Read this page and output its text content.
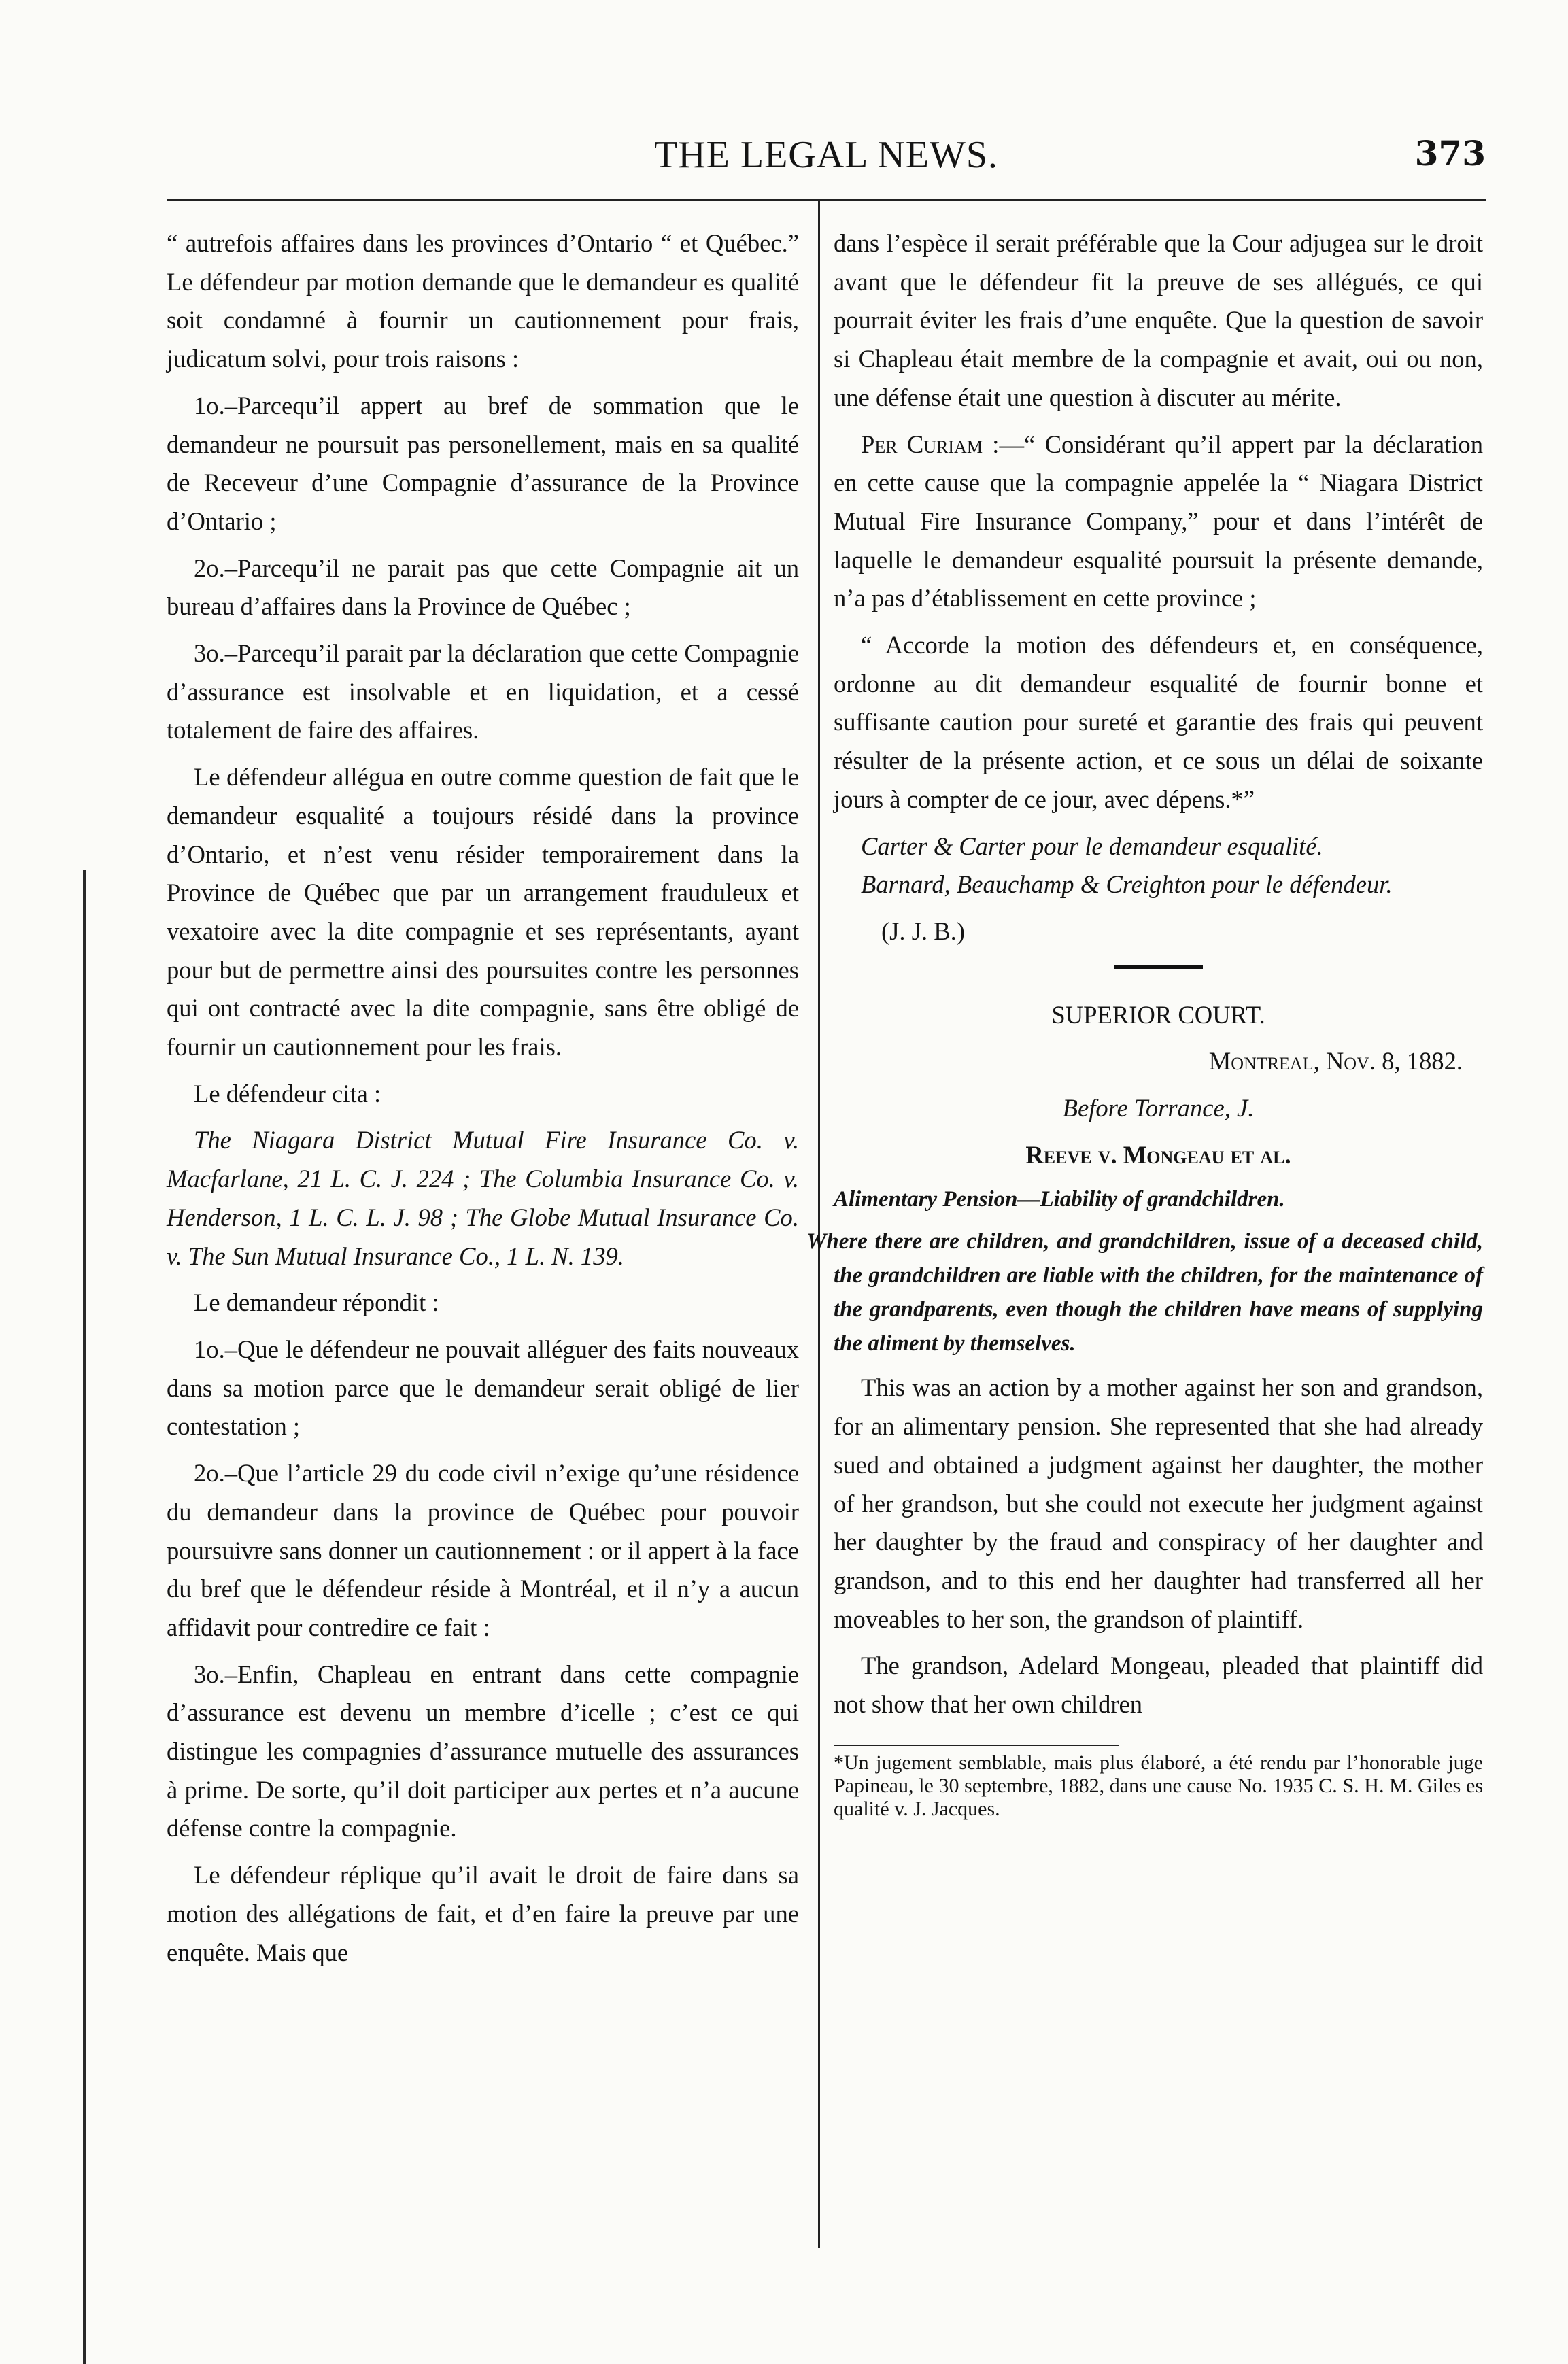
THE LEGAL NEWS.	373

“ autrefois affaires dans les provinces d’Ontario “ et Québec.” Le défendeur par motion demande que le demandeur es qualité soit condamné à fournir un cautionnement pour frais, judicatum solvi, pour trois raisons :

1o.–Parcequ’il appert au bref de sommation que le demandeur ne poursuit pas personellement, mais en sa qualité de Receveur d’une Compagnie d’assurance de la Province d’Ontario ;

2o.–Parcequ’il ne parait pas que cette Compagnie ait un bureau d’affaires dans la Province de Québec ;

3o.–Parcequ’il parait par la déclaration que cette Compagnie d’assurance est insolvable et en liquidation, et a cessé totalement de faire des affaires.

Le défendeur allégua en outre comme question de fait que le demandeur esqualité a toujours résidé dans la province d’Ontario, et n’est venu résider temporairement dans la Province de Québec que par un arrangement frauduleux et vexatoire avec la dite compagnie et ses représentants, ayant pour but de permettre ainsi des poursuites contre les personnes qui ont contracté avec la dite compagnie, sans être obligé de fournir un cautionnement pour les frais.

Le défendeur cita :

The Niagara District Mutual Fire Insurance Co. v. Macfarlane, 21 L. C. J. 224 ; The Columbia Insurance Co. v. Henderson, 1 L. C. L. J. 98 ; The Globe Mutual Insurance Co. v. The Sun Mutual Insurance Co., 1 L. N. 139.

Le demandeur répondit :

1o.–Que le défendeur ne pouvait alléguer des faits nouveaux dans sa motion parce que le demandeur serait obligé de lier contestation ;

2o.–Que l’article 29 du code civil n’exige qu’une résidence du demandeur dans la province de Québec pour pouvoir poursuivre sans donner un cautionnement : or il appert à la face du bref que le défendeur réside à Montréal, et il n’y a aucun affidavit pour contredire ce fait :

3o.–Enfin, Chapleau en entrant dans cette compagnie d’assurance est devenu un membre d’icelle ; c’est ce qui distingue les compagnies d’assurance mutuelle des assurances à prime. De sorte, qu’il doit participer aux pertes et n’a aucune défense contre la compagnie.

Le défendeur réplique qu’il avait le droit de faire dans sa motion des allégations de fait, et d’en faire la preuve par une enquête. Mais que

dans l’espèce il serait préférable que la Cour adjugea sur le droit avant que le défendeur fit la preuve de ses allégués, ce qui pourrait éviter les frais d’une enquête. Que la question de savoir si Chapleau était membre de la compagnie et avait, oui ou non, une défense était une question à discuter au mérite.

Per Curiam :—“ Considérant qu’il appert par la déclaration en cette cause que la compagnie appelée la “ Niagara District Mutual Fire Insurance Company,” pour et dans l’intérêt de laquelle le demandeur esqualité poursuit la présente demande, n’a pas d’établissement en cette province ;

“ Accorde la motion des défendeurs et, en conséquence, ordonne au dit demandeur esqualité de fournir bonne et suffisante caution pour sureté et garantie des frais qui peuvent résulter de la présente action, et ce sous un délai de soixante jours à compter de ce jour, avec dépens.*”

Carter & Carter pour le demandeur esqualité.

Barnard, Beauchamp & Creighton pour le défendeur.

(J. J. B.)

SUPERIOR COURT.

Montreal, Nov. 8, 1882.

Before Torrance, J.

Reeve v. Mongeau et al.

Alimentary Pension—Liability of grandchildren.

Where there are children, and grandchildren, issue of a deceased child, the grandchildren are liable with the children, for the maintenance of the grandparents, even though the children have means of supplying the aliment by themselves.

This was an action by a mother against her son and grandson, for an alimentary pension. She represented that she had already sued and obtained a judgment against her daughter, the mother of her grandson, but she could not execute her judgment against her daughter by the fraud and conspiracy of her daughter and grandson, and to this end her daughter had transferred all her moveables to her son, the grandson of plaintiff.

The grandson, Adelard Mongeau, pleaded that plaintiff did not show that her own children

*Un jugement semblable, mais plus élaboré, a été rendu par l’honorable juge Papineau, le 30 septembre, 1882, dans une cause No. 1935 C. S. H. M. Giles es qualité v. J. Jacques.
